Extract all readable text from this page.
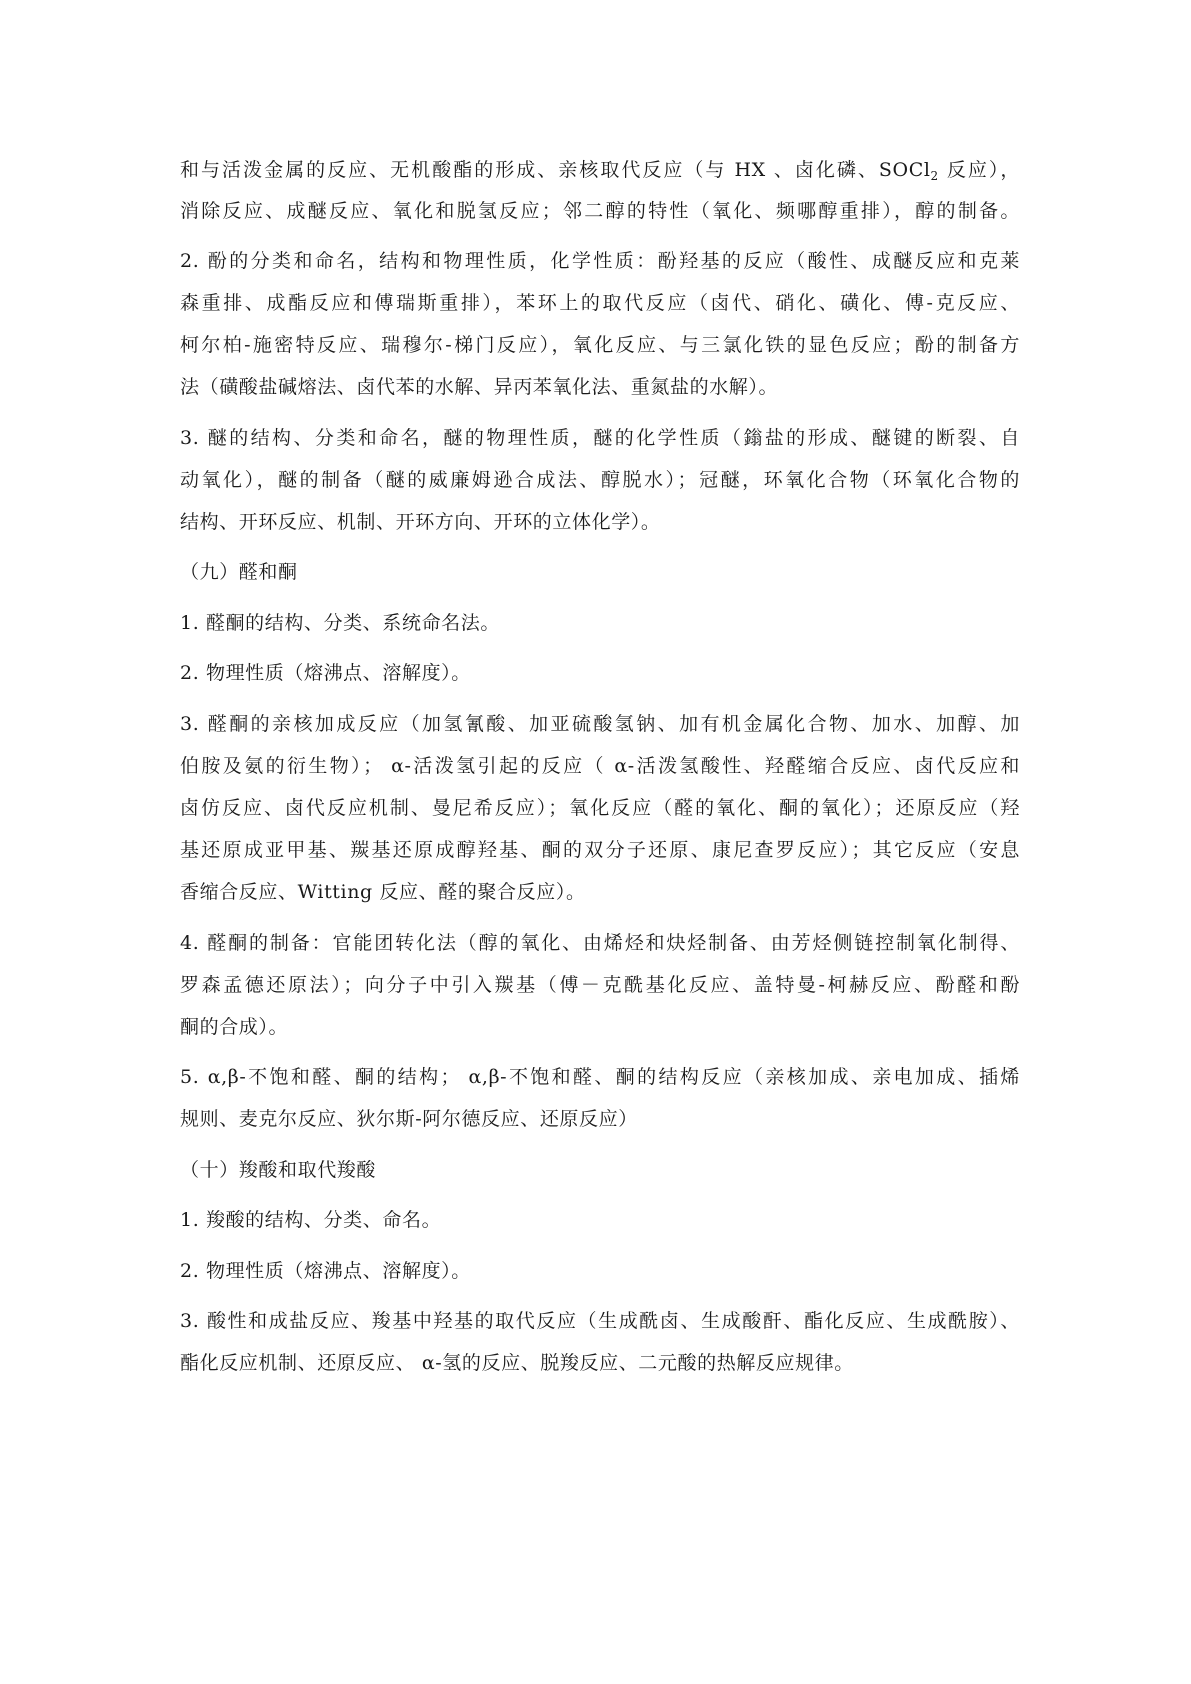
和与活泼金属的反应、无机酸酯的形成、亲核取代反应（与 HX 、卤化磷、SOCl$_2$ 反应），
消除反应、成醚反应、氧化和脱氢反应；邻二醇的特性（氧化、频哪醇重排），醇的制备。
2. 酚的分类和命名，结构和物理性质，化学性质：酚羟基的反应（酸性、成醚反应和克莱
森重排、成酯反应和傅瑞斯重排），苯环上的取代反应（卤代、硝化、磺化、傅-克反应、
柯尔柏-施密特反应、瑞穆尔-梯门反应），氧化反应、与三氯化铁的显色反应；酚的制备方
法（磺酸盐碱熔法、卤代苯的水解、异丙苯氧化法、重氮盐的水解）。
3. 醚的结构、分类和命名，醚的物理性质，醚的化学性质（鎓盐的形成、醚键的断裂、自
动氧化），醚的制备（醚的威廉姆逊合成法、醇脱水）；冠醚，环氧化合物（环氧化合物的
结构、开环反应、机制、开环方向、开环的立体化学）。
（九）醛和酮
1. 醛酮的结构、分类、系统命名法。
2. 物理性质（熔沸点、溶解度）。
3. 醛酮的亲核加成反应（加氢氰酸、加亚硫酸氢钠、加有机金属化合物、加水、加醇、加
伯胺及氨的衍生物）； α-活泼氢引起的反应（ α-活泼氢酸性、羟醛缩合反应、卤代反应和
卤仿反应、卤代反应机制、曼尼希反应）；氧化反应（醛的氧化、酮的氧化）；还原反应（羟
基还原成亚甲基、羰基还原成醇羟基、酮的双分子还原、康尼查罗反应）；其它反应（安息
香缩合反应、Witting 反应、醛的聚合反应）。
4. 醛酮的制备：官能团转化法（醇的氧化、由烯烃和炔烃制备、由芳烃侧链控制氧化制得、
罗森孟德还原法）；向分子中引入羰基（傅－克酰基化反应、盖特曼-柯赫反应、酚醛和酚
酮的合成）。
5. α,β-不饱和醛、酮的结构； α,β-不饱和醛、酮的结构反应（亲核加成、亲电加成、插烯
规则、麦克尔反应、狄尔斯-阿尔德反应、还原反应）
（十）羧酸和取代羧酸
1. 羧酸的结构、分类、命名。
2. 物理性质（熔沸点、溶解度）。
3. 酸性和成盐反应、羧基中羟基的取代反应（生成酰卤、生成酸酐、酯化反应、生成酰胺）、
酯化反应机制、还原反应、 α-氢的反应、脱羧反应、二元酸的热解反应规律。
